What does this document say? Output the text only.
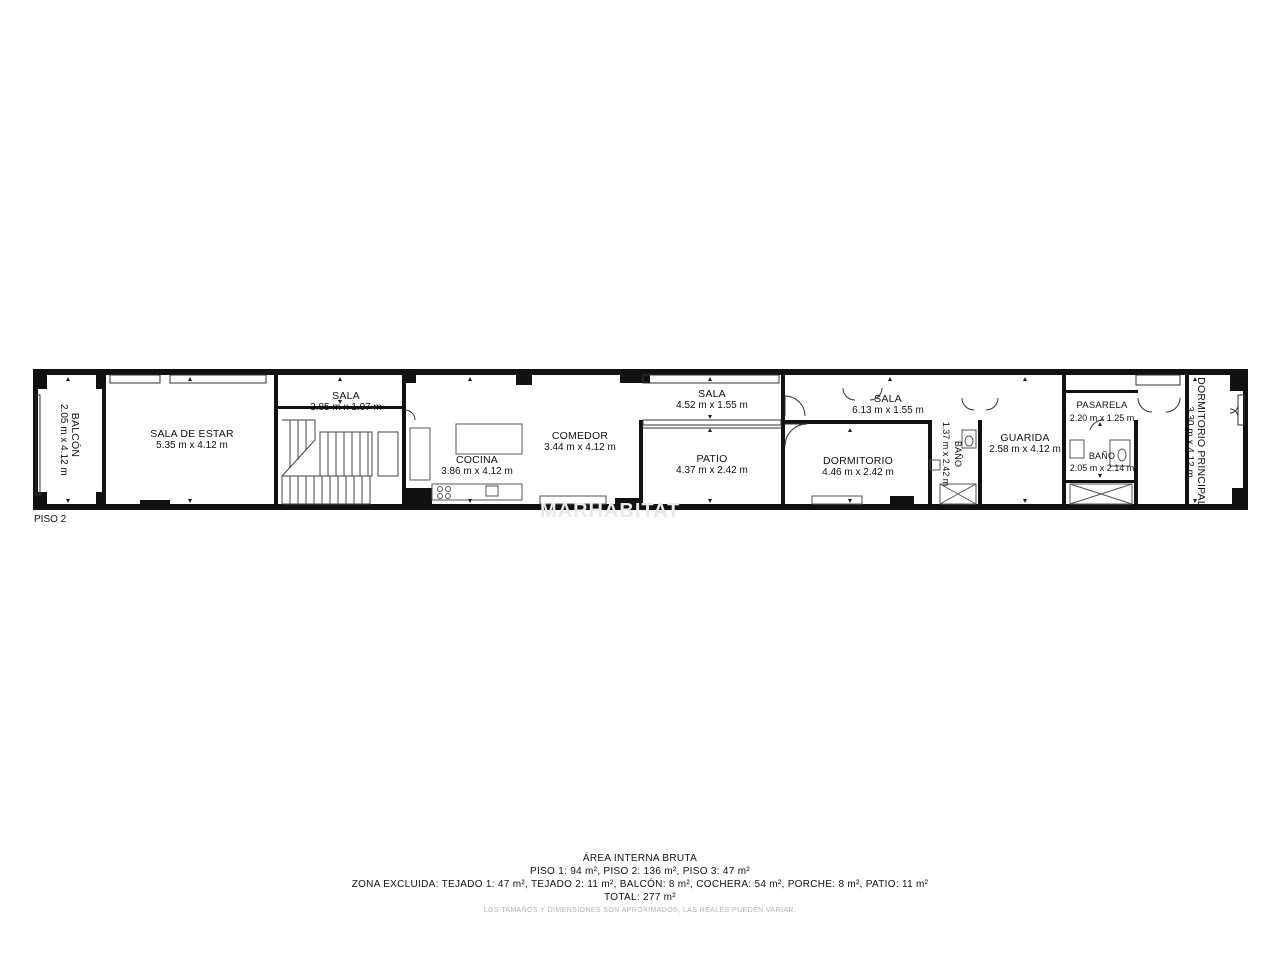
BALCÓN
2.05 m x 4.12 m	SALA DE ESTAR
5.35 m x 4.12 m
SALA
3.85 m x 1.97 m
COCINA
3.86 m x 4.12 m
COMEDOR
3.44 m x 4.12 m
SALA
4.52 m x 1.55 m
PATIO
4.37 m x 2.42 m
SALA
6.13 m x 1.55 m
DORMITORIO
4.46 m x 2.42 m
BAÑO
1.37 m x 2.42 m	GUARIDA
2.58 m x 4.12 m
PASARELA
2.20 m x 1.25 m
BAÑO
2.05 m x 2.14 m	DORMITORIO PRINCIPAL
3.30 m x 4.12 m
MARHABITAT
PISO 2
ÁREA INTERNA BRUTA
PISO 1: 94 m², PISO 2: 136 m², PISO 3: 47 m²
ZONA EXCLUIDA: TEJADO 1: 47 m², TEJADO 2: 11 m², BALCÓN: 8 m², COCHERA: 54 m², PORCHE: 8 m², PATIO: 11 m²
TOTAL: 277 m²
LOS TAMAÑOS Y DIMENSIONES SON APROXIMADOS, LAS REALES PUEDEN VARIAR.
